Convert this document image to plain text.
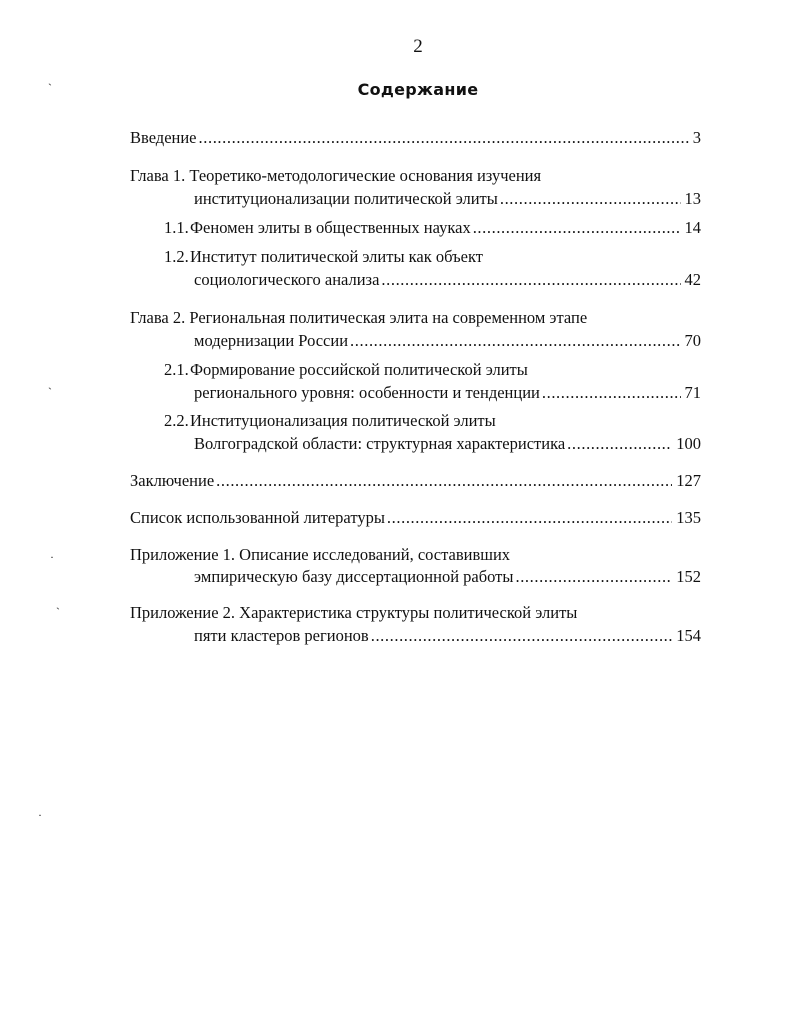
2
Содержание
Введение .....	3
Глава 1. Теоретико-методологические основания изучения
институционализации политической элиты .....	13
1.1. Феномен элиты в общественных науках .....	14
1.2. Институт политической элиты как объект
социологического анализа .....	42
Глава 2. Региональная политическая элита на современном этапе
модернизации России .....	70
2.1. Формирование российской политической элиты
регионального уровня: особенности и тенденции .....	71
2.2. Институционализация политической элиты
Волгоградской области: структурная характеристика .....	100
Заключение .....	127
Список использованной литературы .....	135
Приложение 1. Описание исследований, составивших
эмпирическую базу диссертационной работы .....	152
Приложение 2. Характеристика структуры политической элиты
пяти кластеров регионов .....	154
ˏ
ˏ
·
ˎ
·
